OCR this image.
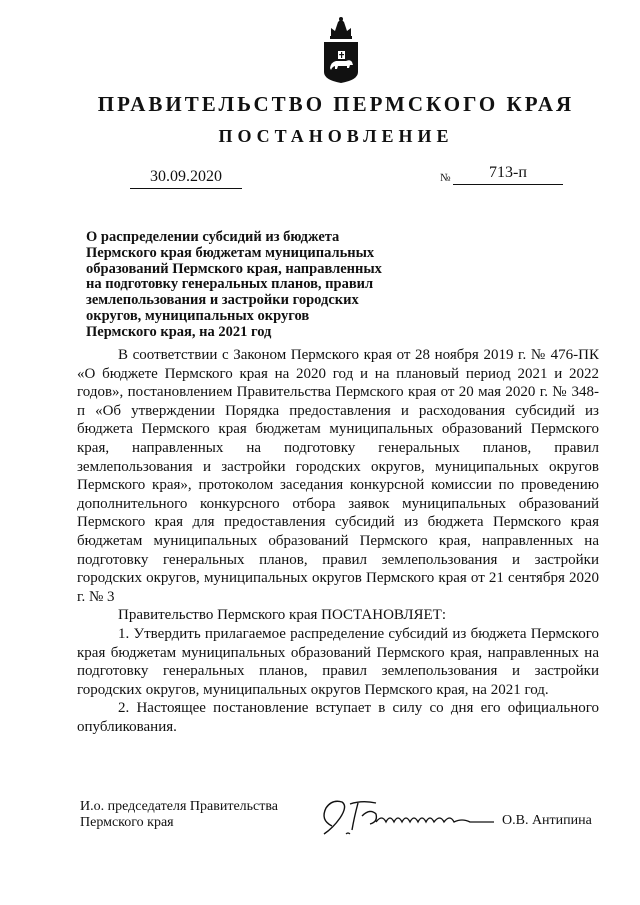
ПРАВИТЕЛЬСТВО ПЕРМСКОГО КРАЯ
ПОСТАНОВЛЕНИЕ
30.09.2020	№	713-п
О распределении субсидий из бюджета
Пермского края бюджетам муниципальных
образований Пермского края, направленных
на подготовку генеральных планов, правил
землепользования и застройки городских
округов, муниципальных округов
Пермского края, на 2021 год

В соответствии с Законом Пермского края от 28 ноября 2019 г. № 476-ПК «О бюджете Пермского края на 2020 год и на плановый период 2021 и 2022 годов», постановлением Правительства Пермского края от 20 мая 2020 г. № 348-п «Об утверждении Порядка предоставления и расходования субсидий из бюджета Пермского края бюджетам муниципальных образований Пермского края, направленных на подготовку генеральных планов, правил землепользования и застройки городских округов, муниципальных округов Пермского края», протоколом заседания конкурсной комиссии по проведению дополнительного конкурсного отбора заявок муниципальных образований Пермского края для предоставления субсидий из бюджета Пермского края бюджетам муниципальных образований Пермского края, направленных на подготовку генеральных планов, правил землепользования и застройки городских округов, муниципальных округов Пермского края от 21 сентября 2020 г. № 3

Правительство Пермского края ПОСТАНОВЛЯЕТ:

1. Утвердить прилагаемое распределение субсидий из бюджета Пермского края бюджетам муниципальных образований Пермского края, направленных на подготовку генеральных планов, правил землепользования и застройки городских округов, муниципальных округов Пермского края, на 2021 год.

2. Настоящее постановление вступает в силу со дня его официального опубликования.

И.о. председателя Правительства
Пермского края	О.В. Антипина
